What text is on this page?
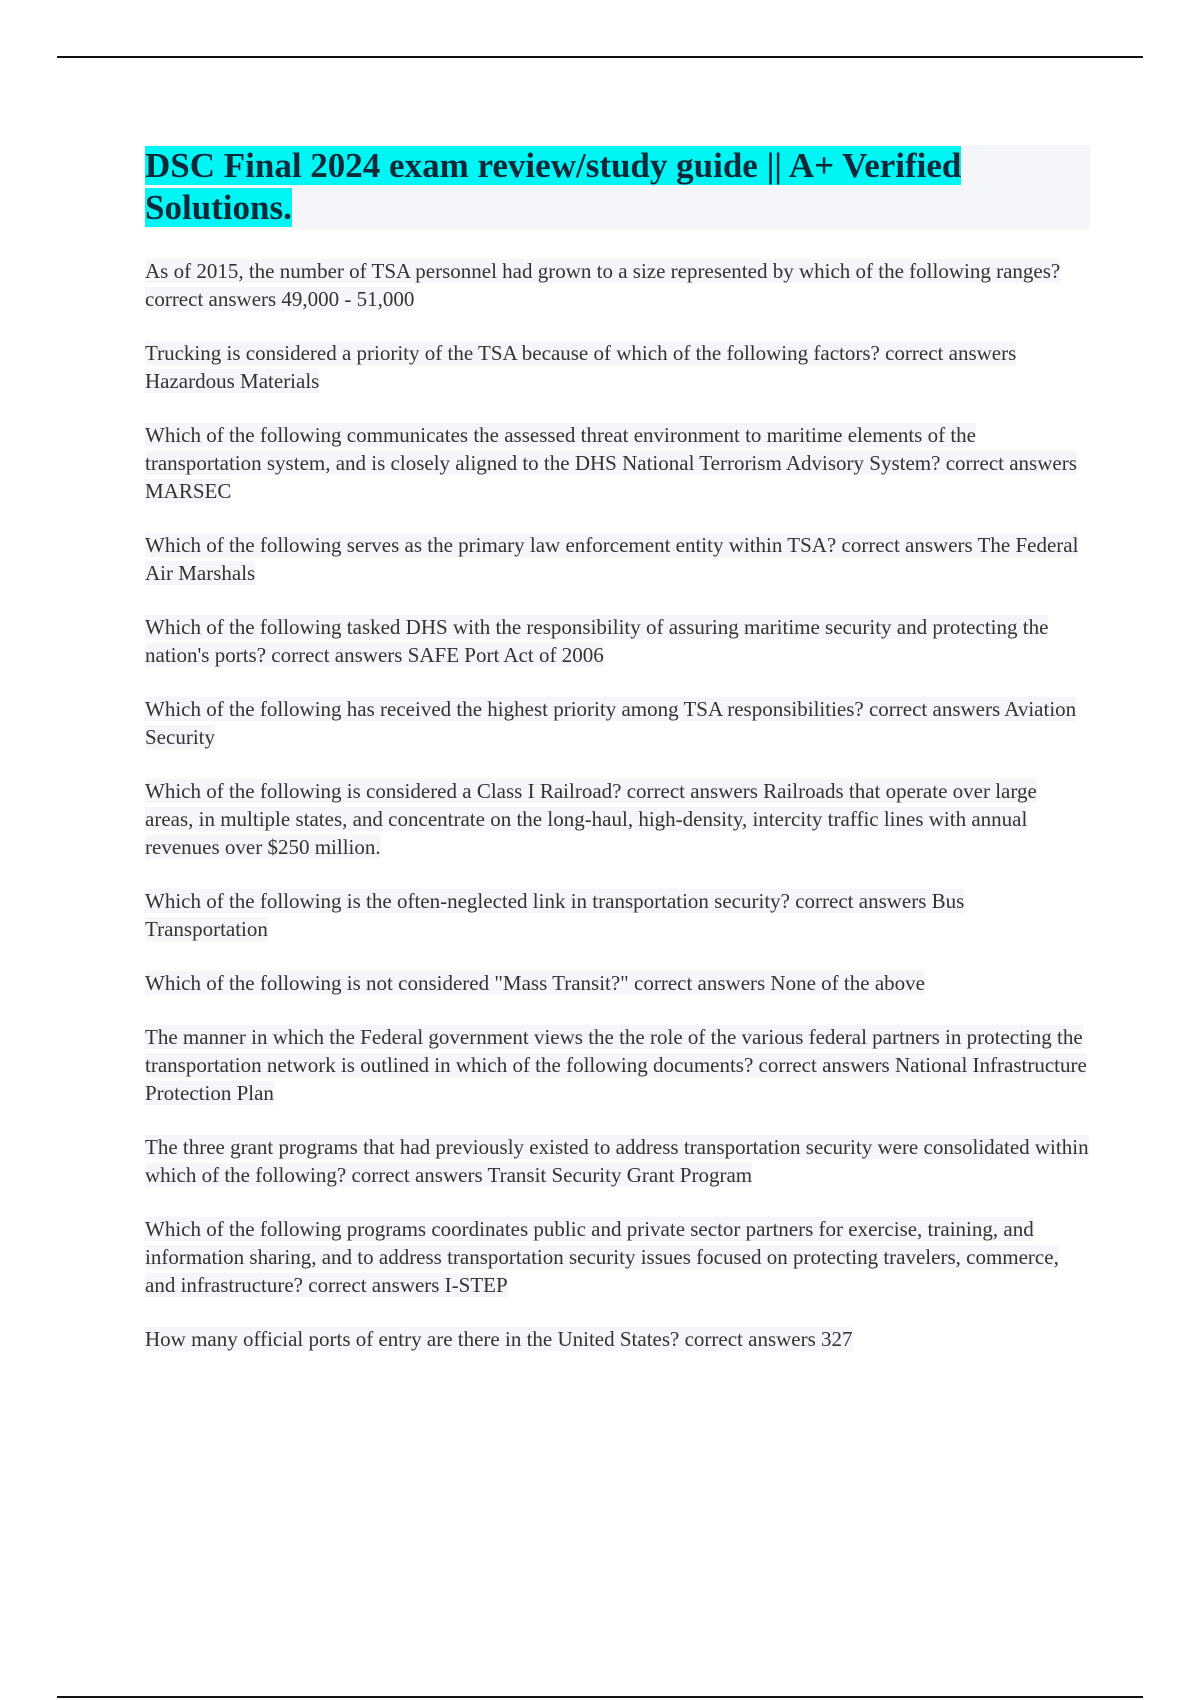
DSC Final 2024 exam review/study guide || A+ Verified Solutions.
As of 2015, the number of TSA personnel had grown to a size represented by which of the following ranges? correct answers 49,000 - 51,000
Trucking is considered a priority of the TSA because of which of the following factors? correct answers Hazardous Materials
Which of the following communicates the assessed threat environment to maritime elements of the transportation system, and is closely aligned to the DHS National Terrorism Advisory System? correct answers MARSEC
Which of the following serves as the primary law enforcement entity within TSA? correct answers The Federal Air Marshals
Which of the following tasked DHS with the responsibility of assuring maritime security and protecting the nation's ports? correct answers SAFE Port Act of 2006
Which of the following has received the highest priority among TSA responsibilities? correct answers Aviation Security
Which of the following is considered a Class I Railroad? correct answers Railroads that operate over large areas, in multiple states, and concentrate on the long-haul, high-density, intercity traffic lines with annual revenues over $250 million.
Which of the following is the often-neglected link in transportation security? correct answers Bus Transportation
Which of the following is not considered "Mass Transit?" correct answers None of the above
The manner in which the Federal government views the the role of the various federal partners in protecting the transportation network is outlined in which of the following documents? correct answers National Infrastructure Protection Plan
The three grant programs that had previously existed to address transportation security were consolidated within which of the following? correct answers Transit Security Grant Program
Which of the following programs coordinates public and private sector partners for exercise, training, and information sharing, and to address transportation security issues focused on protecting travelers, commerce, and infrastructure? correct answers I-STEP
How many official ports of entry are there in the United States? correct answers 327
